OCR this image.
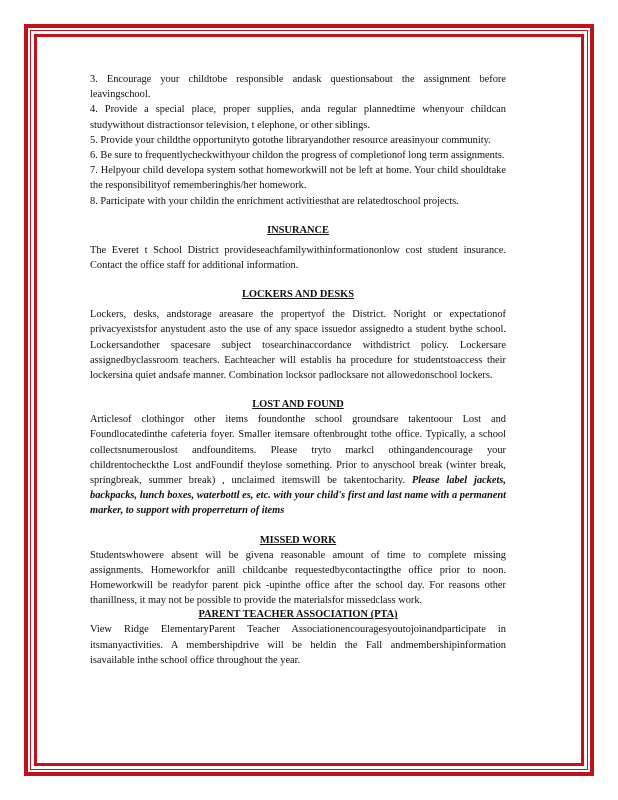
3. Encourage your childtobe responsible andask questionsabout the assignment before leavingschool.

4. Provide a special place, proper supplies, anda regular plannedtime whenyour childcan studywithout distractionsor television, t elephone, or other siblings.

5. Provide your childthe opportunityto gotothe libraryandother resource areasinyour community.

6. Be sure to frequentlycheckwithyour childon the progress of completionof long term assignments.

7. Helpyour child developa system sothat homeworkwill not be left at home. Your child shouldtake the responsibilityof rememberinghis/her homework.

8. Participate with your childin the enrichment activitiesthat are relatedtoschool projects.

INSURANCE

The Everet t School District provideseachfamilywithinformationonlow cost student insurance. Contact the office staff for additional information.

LOCKERS AND DESKS

Lockers, desks, andstorage areasare the propertyof the District. Noright or expectationof privacyexistsfor anystudent asto the use of any space issuedor assignedto a student bythe school. Lockersandother spacesare subject tosearchinaccordance withdistrict policy. Lockersare assignedbyclassroom teachers. Eachteacher will establis ha procedure for studentstoaccess their lockersina quiet andsafe manner. Combination locksor padlocksare not allowedonschool lockers.

LOST AND FOUND

Articlesof clothingor other items foundonthe school groundsare takentoour Lost and Foundlocatedinthe cafeteria foyer. Smaller itemsare oftenbrought tothe office. Typically, a school collectsnumerouslost andfounditems. Please tryto markcl othingandencourage your childrentocheckthe Lost andFoundif theylose something. Prior to anyschool break (winter break, springbreak, summer break) , unclaimed itemswill be takentocharity. Please label jackets, backpacks, lunch boxes, waterbottl es, etc. with your child's first and last name with a permanent marker, to support with properreturn of items

MISSED WORK

Studentswhowere absent will be givena reasonable amount of time to complete missing assignments. Homeworkfor anill childcanbe requestedbycontactingthe office prior to noon. Homeworkwill be readyfor parent pick -upinthe office after the school day. For reasons other thanillness, it may not be possible to provide the materialsfor missedclass work.

PARENT TEACHER ASSOCIATION (PTA)

View Ridge ElementaryParent Teacher Associationencouragesyoutojoinandparticipate in itsmanyactivities. A membershipdrive will be heldin the Fall andmembershipinformation isavailable inthe school office throughout the year.
